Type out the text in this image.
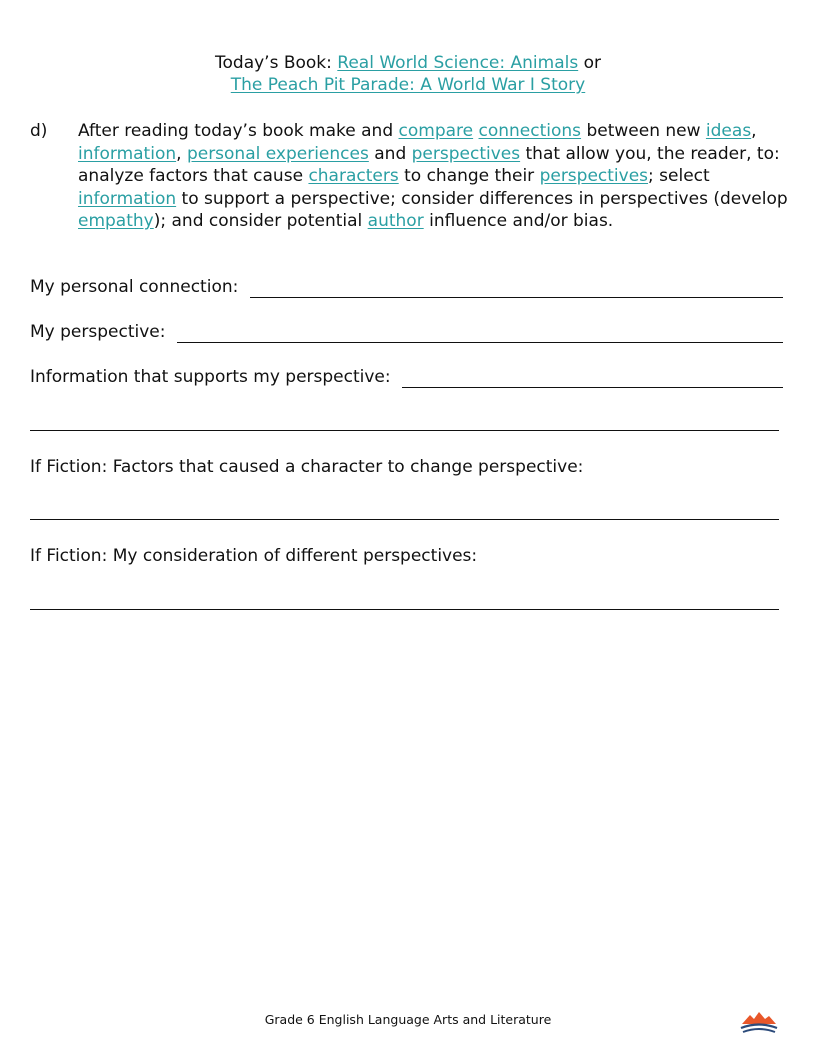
Today’s Book: Real World Science: Animals or
The Peach Pit Parade: A World War I Story
d) After reading today’s book make and compare connections between new ideas, information, personal experiences and perspectives that allow you, the reader, to: analyze factors that cause characters to change their perspectives; select information to support a perspective; consider differences in perspectives (develop empathy); and consider potential author influence and/or bias.
My personal connection:
My perspective:
Information that supports my perspective:
If Fiction: Factors that caused a character to change perspective:
If Fiction: My consideration of different perspectives:
Grade 6 English Language Arts and Literature
